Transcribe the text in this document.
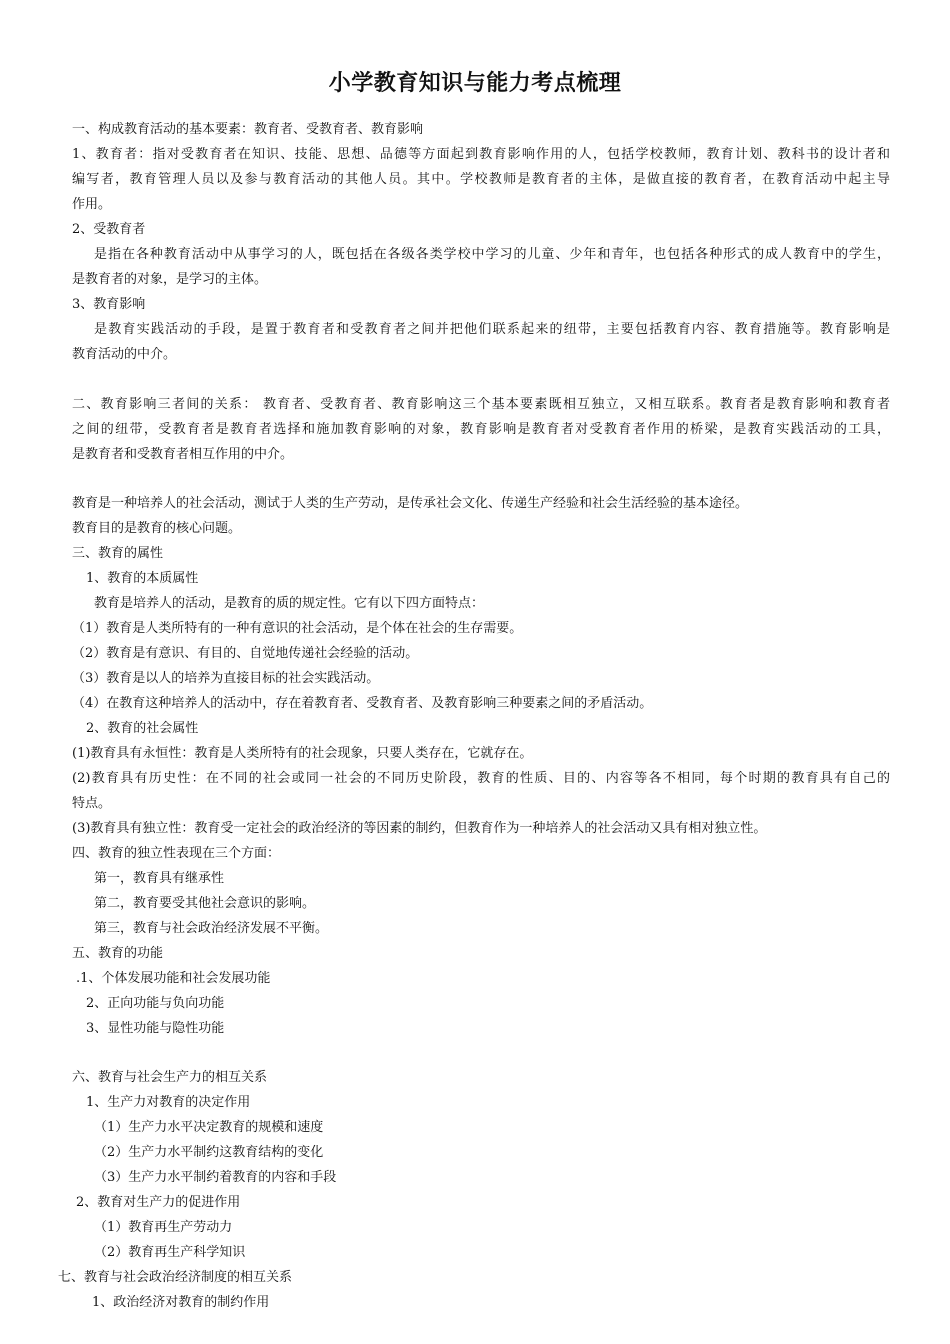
小学教育知识与能力考点梳理
一、构成教育活动的基本要素：教育者、受教育者、教育影响
1、教育者：指对受教育者在知识、技能、思想、品德等方面起到教育影响作用的人，包括学校教师，教育计划、教科书的设计者和
编写者，教育管理人员以及参与教育活动的其他人员。其中。学校教师是教育者的主体，是做直接的教育者，在教育活动中起主导
作用。
2、受教育者
是指在各种教育活动中从事学习的人，既包括在各级各类学校中学习的儿童、少年和青年，也包括各种形式的成人教育中的学生，
是教育者的对象，是学习的主体。
3、教育影响
是教育实践活动的手段，是置于教育者和受教育者之间并把他们联系起来的纽带，主要包括教育内容、教育措施等。教育影响是
教育活动的中介。
二、教育影响三者间的关系： 教育者、受教育者、教育影响这三个基本要素既相互独立，又相互联系。教育者是教育影响和教育者
之间的纽带，受教育者是教育者选择和施加教育影响的对象，教育影响是教育者对受教育者作用的桥梁，是教育实践活动的工具，
是教育者和受教育者相互作用的中介。
教育是一种培养人的社会活动，测试于人类的生产劳动，是传承社会文化、传递生产经验和社会生活经验的基本途径。
教育目的是教育的核心问题。
三、教育的属性
1、教育的本质属性
教育是培养人的活动，是教育的质的规定性。它有以下四方面特点：
（1）教育是人类所特有的一种有意识的社会活动，是个体在社会的生存需要。
（2）教育是有意识、有目的、自觉地传递社会经验的活动。
（3）教育是以人的培养为直接目标的社会实践活动。
（4）在教育这种培养人的活动中，存在着教育者、受教育者、及教育影响三种要素之间的矛盾活动。
2、教育的社会属性
(1)教育具有永恒性：教育是人类所特有的社会现象，只要人类存在，它就存在。
(2)教育具有历史性：在不同的社会或同一社会的不同历史阶段，教育的性质、目的、内容等各不相同，每个时期的教育具有自己的
特点。
(3)教育具有独立性：教育受一定社会的政治经济的等因素的制约，但教育作为一种培养人的社会活动又具有相对独立性。
四、教育的独立性表现在三个方面：
第一，教育具有继承性
第二，教育要受其他社会意识的影响。
第三，教育与社会政治经济发展不平衡。
五、教育的功能
.1、个体发展功能和社会发展功能
2、正向功能与负向功能
3、显性功能与隐性功能
六、教育与社会生产力的相互关系
1、生产力对教育的决定作用
（1）生产力水平决定教育的规模和速度
（2）生产力水平制约这教育结构的变化
（3）生产力水平制约着教育的内容和手段
2、教育对生产力的促进作用
（1）教育再生产劳动力
（2）教育再生产科学知识
七、教育与社会政治经济制度的相互关系
1、政治经济对教育的制约作用
